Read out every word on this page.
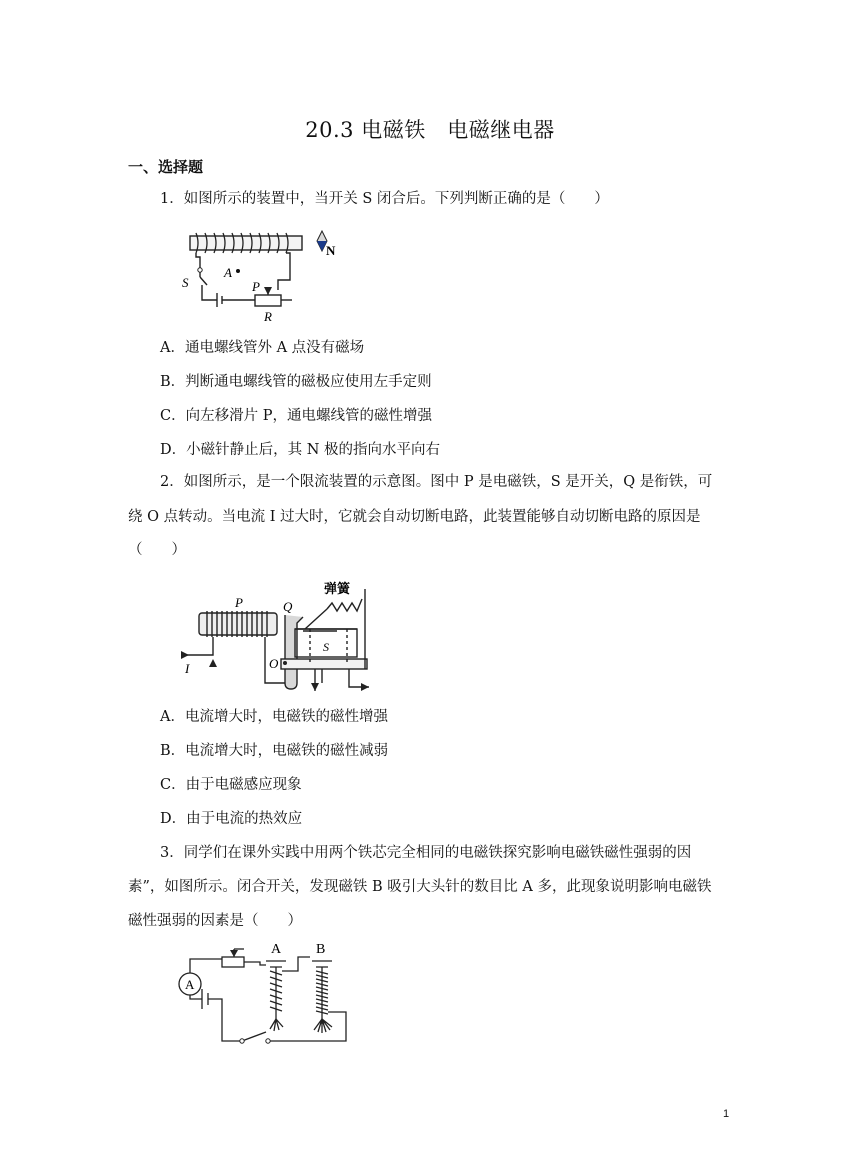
20.3 电磁铁　电磁继电器
一、选择题
1．如图所示的装置中，当开关 S 闭合后。下列判断正确的是（　　）
S
A
P
R
N
A．通电螺线管外 A 点没有磁场
B．判断通电螺线管的磁极应使用左手定则
C．向左移滑片 P，通电螺线管的磁性增强
D．小磁针静止后，其 N 极的指向水平向右
2．如图所示，是一个限流装置的示意图。图中 P 是电磁铁，S 是开关，Q 是衔铁，可
绕 O 点转动。当电流 I 过大时，它就会自动切断电路，此装置能够自动切断电路的原因是
（　　）
弹簧
P	Q
S
I	O
A．电流增大时，电磁铁的磁性增强
B．电流增大时，电磁铁的磁性减弱
C．由于电磁感应现象
D．由于电流的热效应
3．同学们在课外实践中用两个铁芯完全相同的电磁铁探究影响电磁铁磁性强弱的因
素”，如图所示。闭合开关，发现磁铁 B 吸引大头针的数目比 A 多，此现象说明影响电磁铁
磁性强弱的因素是（　　）
A
A B
1
